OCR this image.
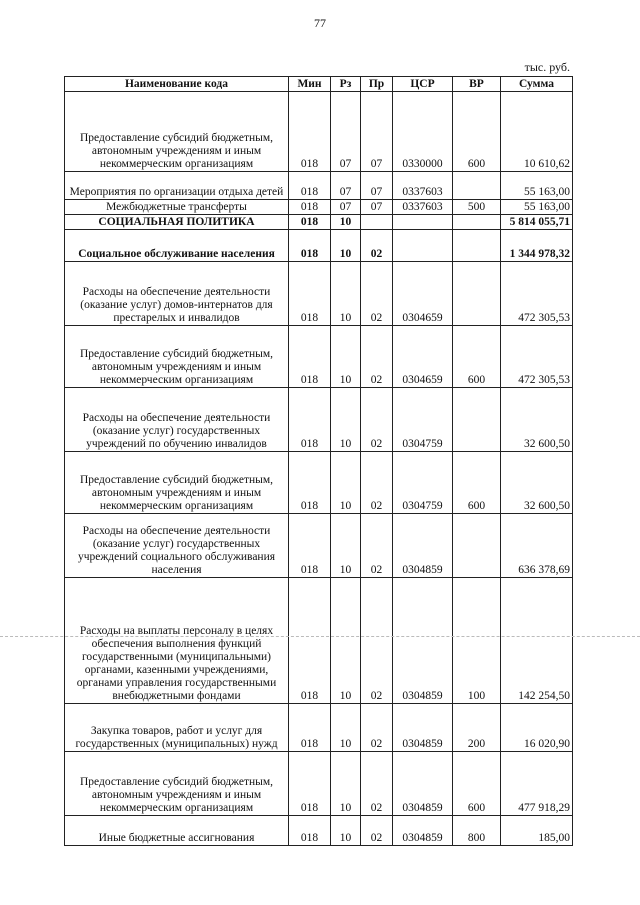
77
тыс. руб.
Наименование кода	Мин	Рз	Пр	ЦСР	ВР	Сумма
Предоставление субсидий бюджетным, автономным учреждениям и иным некоммерческим организациям	018	07	07	0330000	600	10 610,62
Мероприятия по организации отдыха детей	018	07	07	0337603		55 163,00
Межбюджетные трансферты	018	07	07	0337603	500	55 163,00
СОЦИАЛЬНАЯ ПОЛИТИКА	018	10				5 814 055,71
Социальное обслуживание населения	018	10	02			1 344 978,32
Расходы на обеспечение деятельности (оказание услуг) домов-интернатов для престарелых и инвалидов	018	10	02	0304659		472 305,53
Предоставление субсидий бюджетным, автономным учреждениям и иным некоммерческим организациям	018	10	02	0304659	600	472 305,53
Расходы на обеспечение деятельности (оказание услуг) государственных учреждений по обучению инвалидов	018	10	02	0304759		32 600,50
Предоставление субсидий бюджетным, автономным учреждениям и иным некоммерческим организациям	018	10	02	0304759	600	32 600,50
Расходы на обеспечение деятельности (оказание услуг) государственных учреждений социального обслуживания населения	018	10	02	0304859		636 378,69
Расходы на выплаты персоналу в целях обеспечения выполнения функций государственными (муниципальными) органами, казенными учреждениями, органами управления государственными внебюджетными фондами	018	10	02	0304859	100	142 254,50
Закупка товаров, работ и услуг для государственных (муниципальных) нужд	018	10	02	0304859	200	16 020,90
Предоставление субсидий бюджетным, автономным учреждениям и иным некоммерческим организациям	018	10	02	0304859	600	477 918,29
Иные бюджетные ассигнования	018	10	02	0304859	800	185,00
